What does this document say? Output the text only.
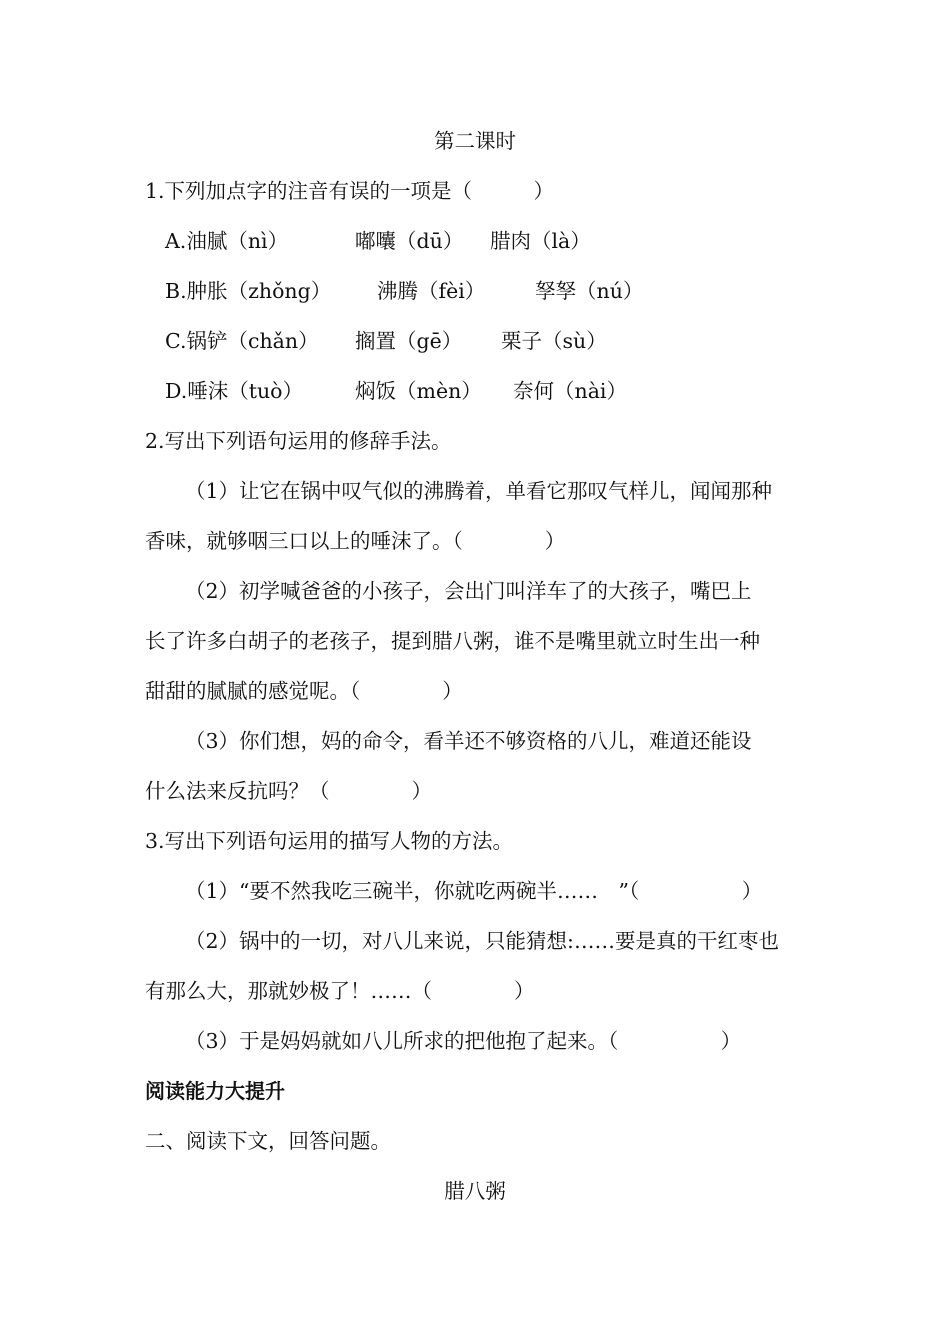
第二课时
1.下列加点字的注音有误的一项是（　　　）
A.油腻（nì）	嘟囔（dū） 腊肉（là）
B.肿胀（zhǒng） 沸腾（fèi） 孥孥（nú）
C.锅铲（chǎn） 搁置（gē） 栗子（sù）
D.唾沫（tuò）	焖饭（mèn） 奈何（nài）
2.写出下列语句运用的修辞手法。
（1）让它在锅中叹气似的沸腾着，单看它那叹气样儿，闻闻那种
香味，就够咽三口以上的唾沫了。（　　　　）
（2）初学喊爸爸的小孩子，会出门叫洋车了的大孩子，嘴巴上
长了许多白胡子的老孩子，提到腊八粥，谁不是嘴里就立时生出一种
甜甜的腻腻的感觉呢。（　　　　）
（3）你们想，妈的命令，看羊还不够资格的八儿，难道还能设
什么法来反抗吗？（　　　　）
3.写出下列语句运用的描写人物的方法。
（1）“要不然我吃三碗半，你就吃两碗半……　”（　　　　　）
（2）锅中的一切，对八儿来说，只能猜想:……要是真的干红枣也
有那么大，那就妙极了！……（　　　　）
（3）于是妈妈就如八儿所求的把他抱了起来。（　　　　　）
阅读能力大提升
二、阅读下文，回答问题。
腊八粥
